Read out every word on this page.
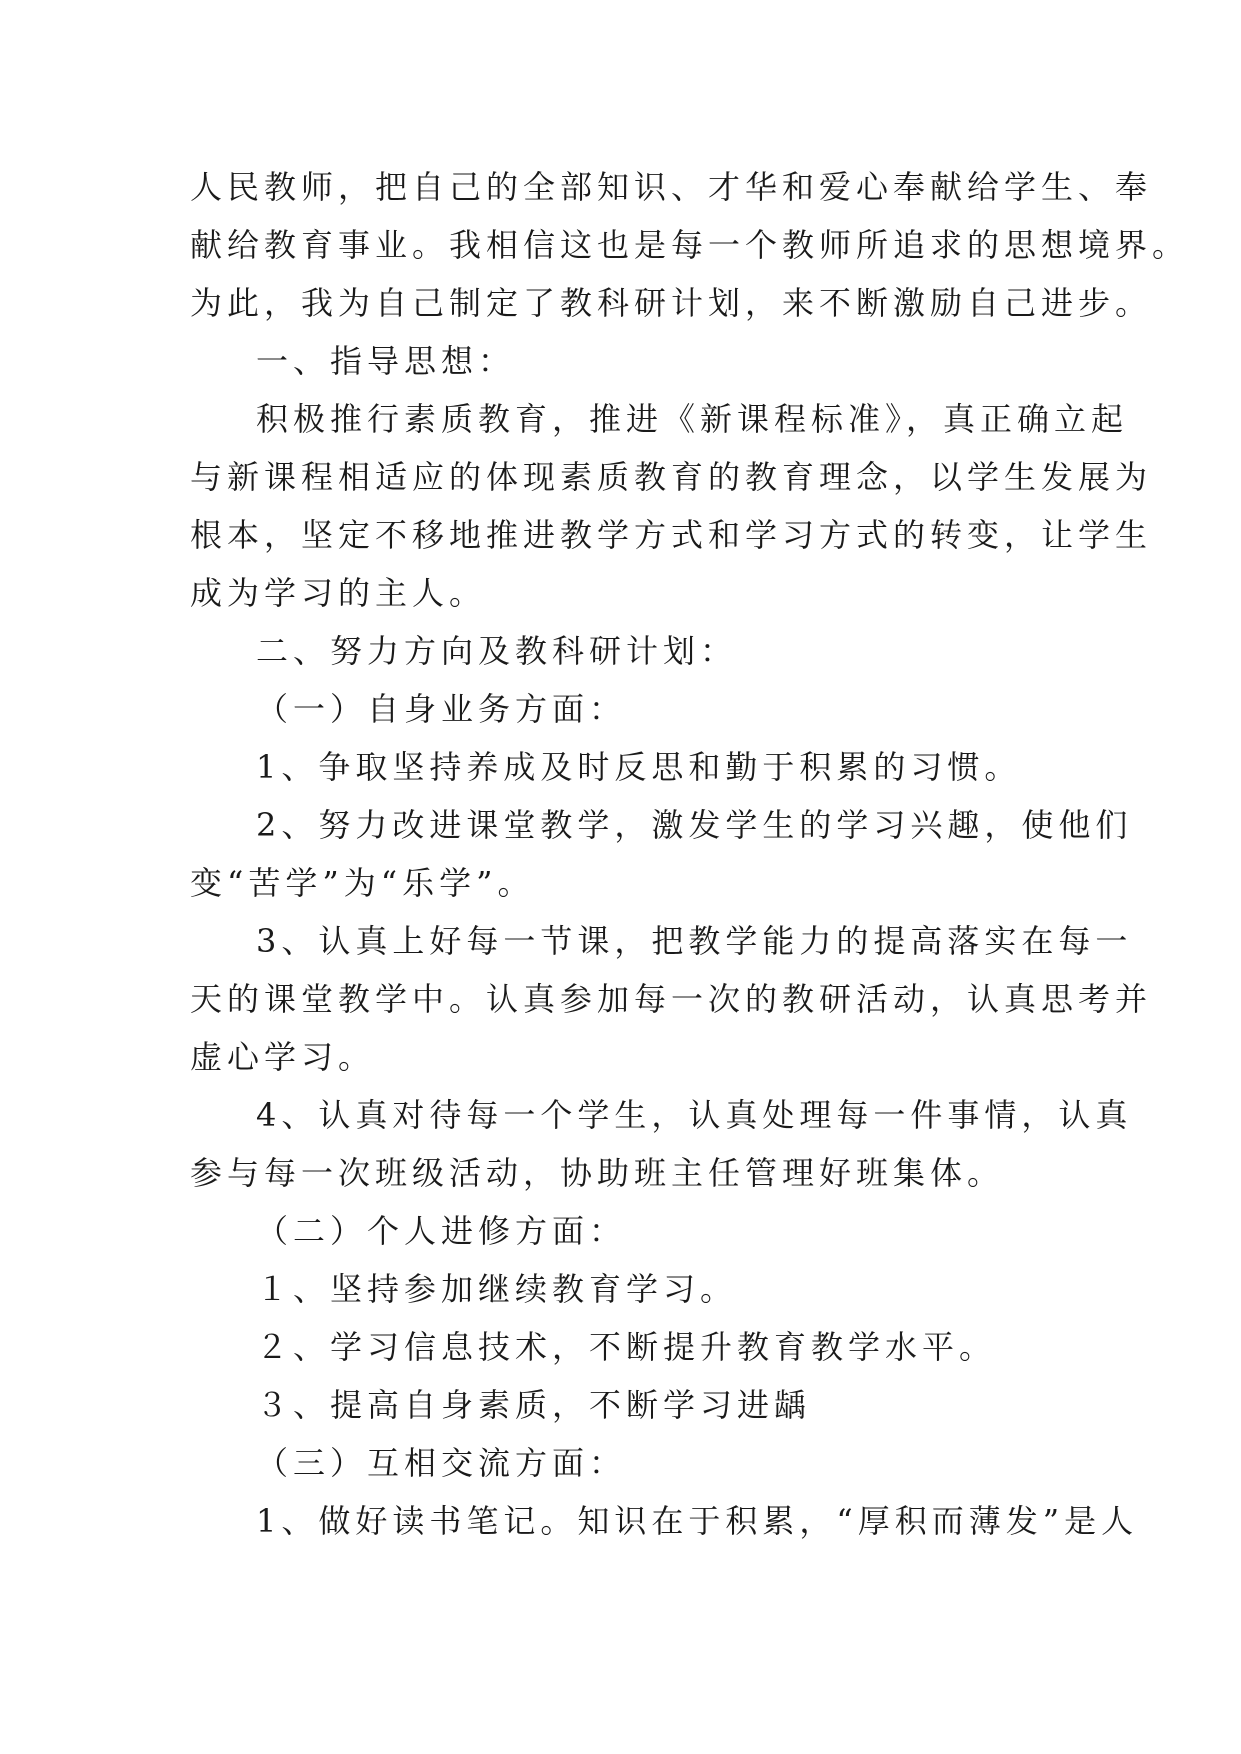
人民教师，把自己的全部知识、才华和爱心奉献给学生、奉
献给教育事业。我相信这也是每一个教师所追求的思想境界。
为此，我为自己制定了教科研计划，来不断激励自己进步。
一、指导思想：
积极推行素质教育，推进《新课程标准》，真正确立起
与新课程相适应的体现素质教育的教育理念，以学生发展为
根本，坚定不移地推进教学方式和学习方式的转变，让学生
成为学习的主人。
二、努力方向及教科研计划：
（一）自身业务方面：
1、争取坚持养成及时反思和勤于积累的习惯。
2、努力改进课堂教学，激发学生的学习兴趣，使他们
变“苦学”为“乐学”。
3、认真上好每一节课，把教学能力的提高落实在每一
天的课堂教学中。认真参加每一次的教研活动，认真思考并
虚心学习。
4、认真对待每一个学生，认真处理每一件事情，认真
参与每一次班级活动，协助班主任管理好班集体。
（二）个人进修方面：
１、坚持参加继续教育学习。
２、学习信息技术，不断提升教育教学水平。
３、提高自身素质，不断学习进龋
（三）互相交流方面：
1、做好读书笔记。知识在于积累，“厚积而薄发”是人
